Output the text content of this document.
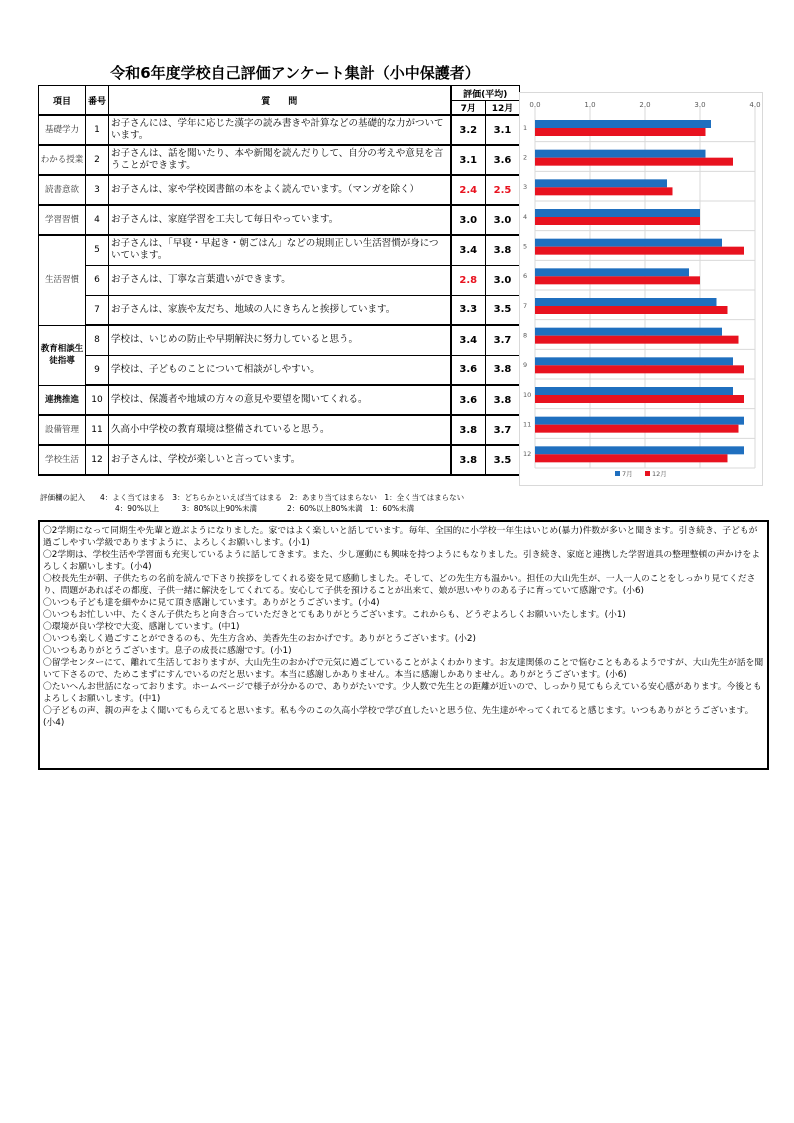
令和6年度学校自己評価アンケート集計（小中保護者）
項目	番号	質　　問	評価(平均)	
			7月	12月
基礎学力	1	お子さんには、学年に応じた漢字の読み書きや計算などの基礎的な力がついています。	3.2	3.1
わかる授業	2	お子さんは、話を聞いたり、本や新聞を読んだりして、自分の考えや意見を言うことができます。	3.1	3.6
読書意欲	3	お子さんは、家や学校図書館の本をよく読んでいます。（マンガを除く）	2.4	2.5
学習習慣	4	お子さんは、家庭学習を工夫して毎日やっています。	3.0	3.0
生活習慣	5	お子さんは、「早寝・早起き・朝ごはん」などの規則正しい生活習慣が身についています。	3.4	3.8
	6	お子さんは、丁寧な言葉遣いができます。	2.8	3.0
	7	お子さんは、家族や友だち、地域の人にきちんと挨拶しています。	3.3	3.5
教育相談生徒指導	8	学校は、いじめの防止や早期解決に努力していると思う。	3.4	3.7
	9	学校は、子どものことについて相談がしやすい。	3.6	3.8
連携推進	10	学校は、保護者や地域の方々の意見や要望を聞いてくれる。	3.6	3.8
設備管理	11	久高小中学校の教育環境は整備されていると思う。	3.8	3.7
学校生活	12	お子さんは、学校が楽しいと言っています。	3.8	3.5
0.0	1.0	2.0	3.0	4.0
1
2
3
4
5
6
7
8
9
10
11
12
7月	12月
評価欄の記入　　4：よく当てはまる　3：どちらかといえば当てはまる　2：あまり当てはまらない　1：全く当てはまらない
　　　　　　　　　　4：90%以上　　　3：80%以上90%未満　　　　2：60%以上80%未満　1：60%未満

〇2学期になって同期生や先輩と遊ぶようになりました。家ではよく楽しいと話しています。毎年、全国的に小学校一年生はいじめ(暴力)件数が多いと聞きます。引き続き、子どもが過ごしやすい学級でありますように、よろしくお願いします。(小1)

〇2学期は、学校生活や学習面も充実しているように話してきます。また、少し運動にも興味を持つようにもなりました。引き続き、家庭と連携した学習道具の整理整頓の声かけをよろしくお願いします。(小4)

〇校長先生が朝、子供たちの名前を読んで下さり挨拶をしてくれる姿を見て感動しました。そして、どの先生方も温かい。担任の大山先生が、一人一人のことをしっかり見てくださり、問題があればその都度、子供一緒に解決をしてくれてる。安心して子供を預けることが出来て、娘が思いやりのある子に育っていて感謝です。(小6)

〇いつも子ども達を細やかに見て頂き感謝しています。ありがとうございます。(小4)

〇いつもお忙しい中、たくさん子供たちと向き合っていただきとてもありがとうございます。これからも、どうぞよろしくお願いいたします。(小1)

〇環境が良い学校で大変、感謝しています。(中1)

〇いつも楽しく過ごすことができるのも、先生方含め、美香先生のおかげです。ありがとうございます。(小2)

〇いつもありがとうございます。息子の成長に感謝です。(小1)

〇留学センターにて、離れて生活しておりますが、大山先生のおかげで元気に過ごしていることがよくわかります。お友達関係のことで悩むこともあるようですが、大山先生が話を聞いて下さるので、ためこまずにすんでいるのだと思います。本当に感謝しかありません。本当に感謝しかありません。ありがとうございます。(小6)

〇たいへんお世話になっております。ホームページで様子が分かるので、ありがたいです。少人数で先生との距離が近いので、しっかり見てもらえている安心感があります。今後ともよろしくお願いします。(中1)

〇子どもの声、親の声をよく聞いてもらえてると思います。私も今のこの久高小学校で学び直したいと思う位、先生達がやってくれてると感じます。いつもありがとうございます。(小4)
